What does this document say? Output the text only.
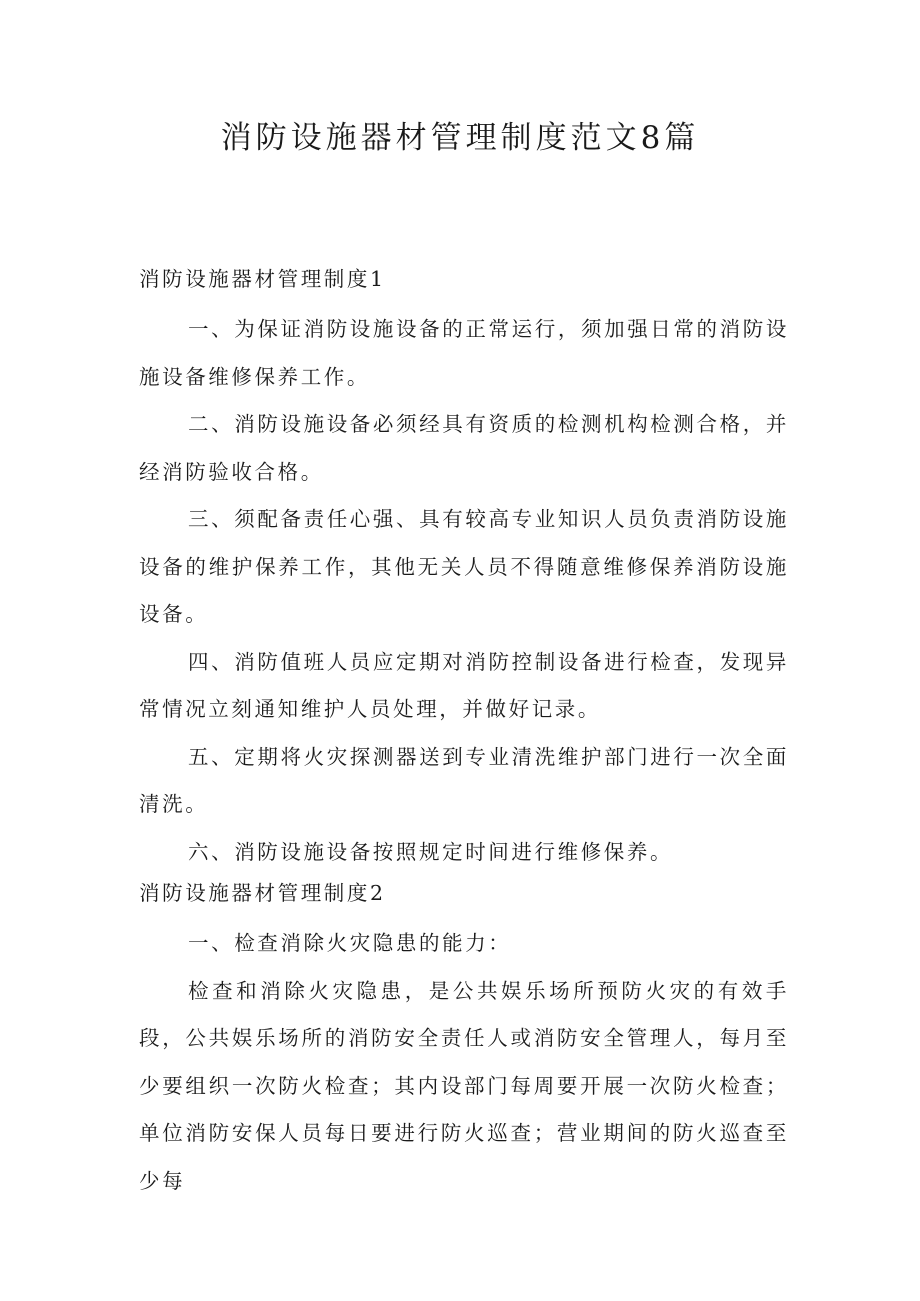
消防设施器材管理制度范文8篇
消防设施器材管理制度1

一、为保证消防设施设备的正常运行，须加强日常的消防设施设备维修保养工作。

二、消防设施设备必须经具有资质的检测机构检测合格，并经消防验收合格。

三、须配备责任心强、具有较高专业知识人员负责消防设施设备的维护保养工作，其他无关人员不得随意维修保养消防设施设备。

四、消防值班人员应定期对消防控制设备进行检查，发现异常情况立刻通知维护人员处理，并做好记录。

五、定期将火灾探测器送到专业清洗维护部门进行一次全面清洗。

六、消防设施设备按照规定时间进行维修保养。

消防设施器材管理制度2

一、检查消除火灾隐患的能力：

检查和消除火灾隐患，是公共娱乐场所预防火灾的有效手段，公共娱乐场所的消防安全责任人或消防安全管理人，每月至少要组织一次防火检查；其内设部门每周要开展一次防火检查；单位消防安保人员每日要进行防火巡查；营业期间的防火巡查至少每
